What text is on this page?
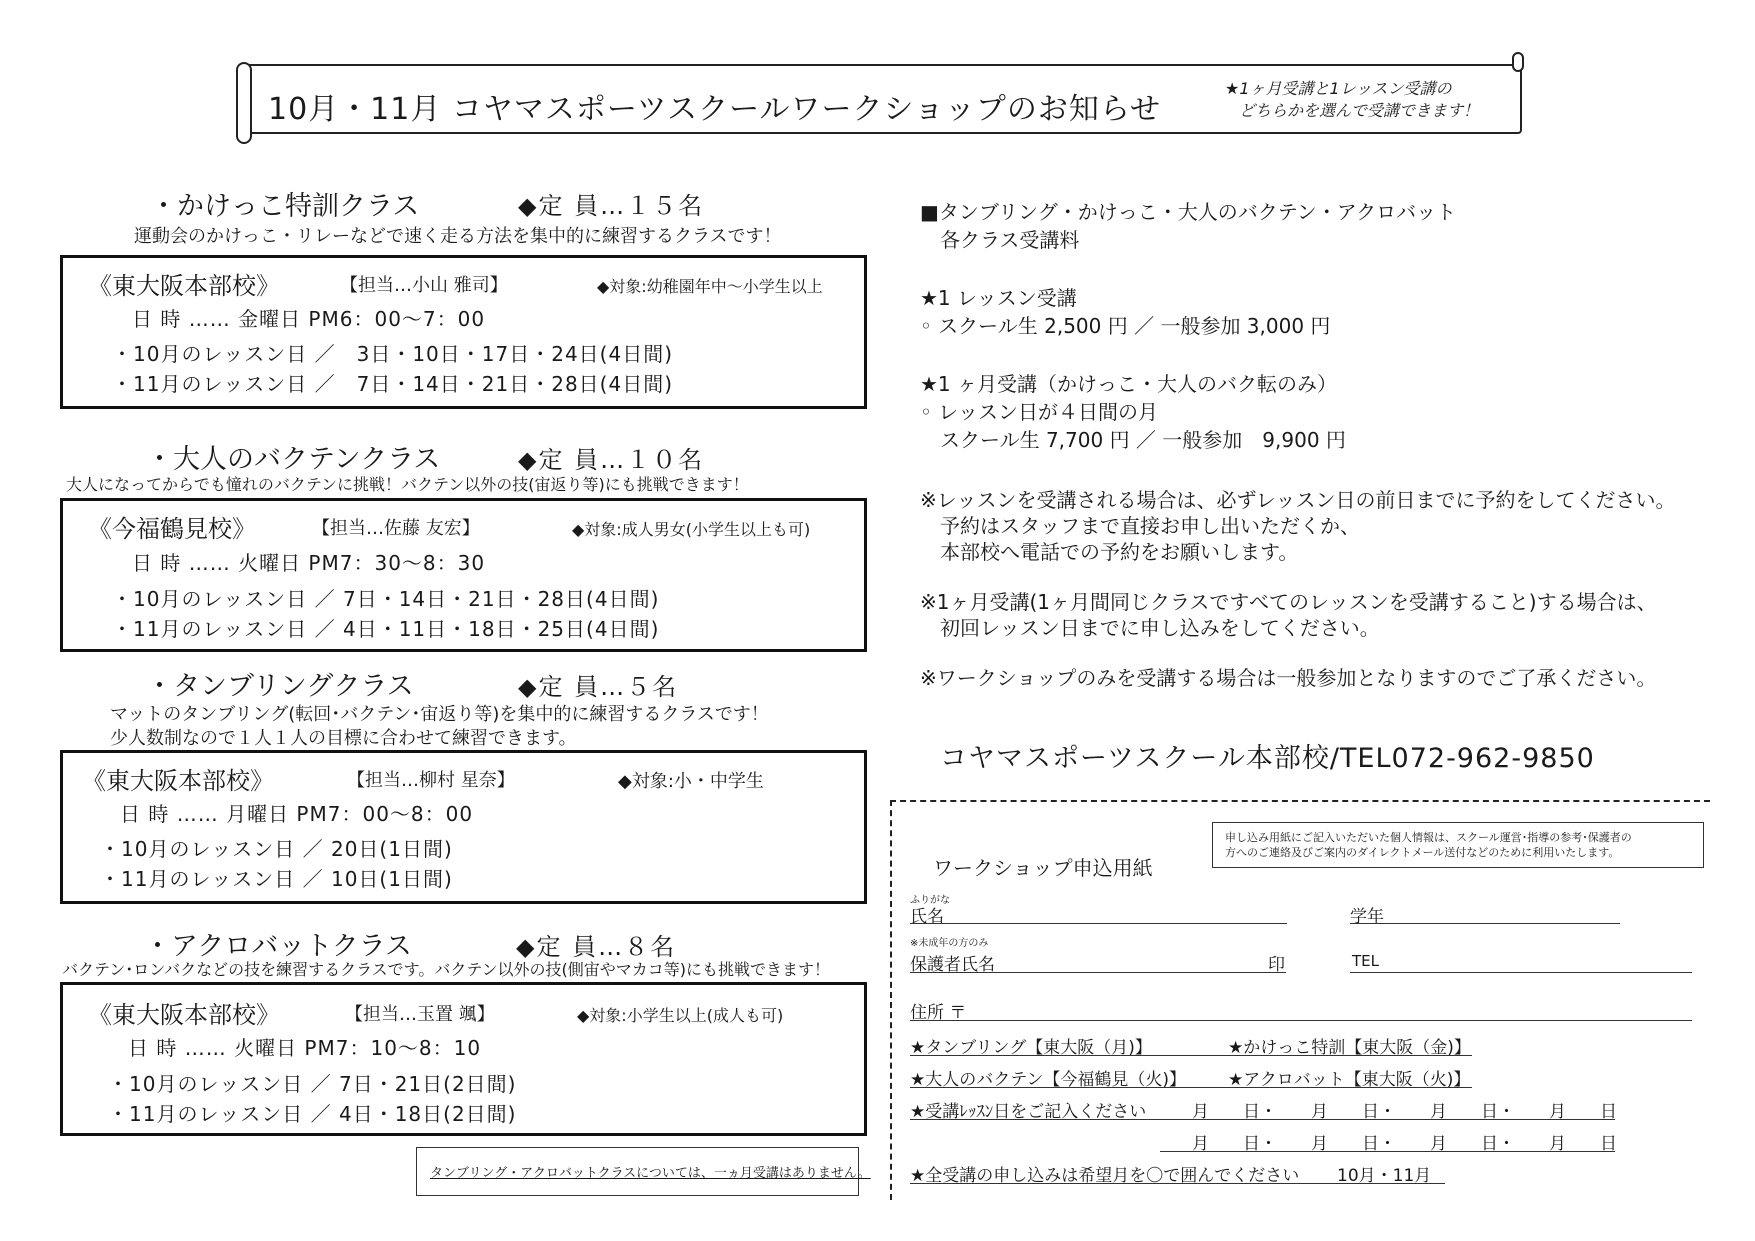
10月・11月 コヤマスポーツスクールワークショップのお知らせ
★1ヶ月受講と1レッスン受講の
どちらかを選んで受講できます！
・かけっこ特訓クラス	◆定 員…１５名
運動会のかけっこ・リレーなどで速く走る方法を集中的に練習するクラスです！
《東大阪本部校》	【担当…小山 雅司】	◆対象:幼稚園年中～小学生以上
日 時 …… 金曜日 PM6：00～7：00
・10月のレッスン日 ／　3日・10日・17日・24日(4日間)
・11月のレッスン日 ／　7日・14日・21日・28日(4日間)
・大人のバクテンクラス	◆定 員…１０名
大人になってからでも憧れのバクテンに挑戦！バクテン以外の技(宙返り等)にも挑戦できます！
《今福鶴見校》	【担当…佐藤 友宏】	◆対象:成人男女(小学生以上も可)
日 時 …… 火曜日 PM7：30～8：30
・10月のレッスン日 ／ 7日・14日・21日・28日(4日間)
・11月のレッスン日 ／ 4日・11日・18日・25日(4日間)
・タンブリングクラス	◆定 員…５名
マットのタンブリング(転回･バクテン･宙返り等)を集中的に練習するクラスです！
少人数制なので１人１人の目標に合わせて練習できます。
《東大阪本部校》	【担当…柳村 星奈】	◆対象:小・中学生
日 時 …… 月曜日 PM7：00～8：00
・10月のレッスン日 ／ 20日(1日間)
・11月のレッスン日 ／ 10日(1日間)
・アクロバットクラス	◆定 員…８名
バクテン･ロンバクなどの技を練習するクラスです。バクテン以外の技(側宙やマカコ等)にも挑戦できます！
《東大阪本部校》	【担当…玉置 颯】	◆対象:小学生以上(成人も可)
日 時 …… 火曜日 PM7：10～8：10
・10月のレッスン日 ／ 7日・21日(2日間)
・11月のレッスン日 ／ 4日・18日(2日間)
タンブリング・アクロバットクラスについては、一ヵ月受講はありません。
■タンブリング・かけっこ・大人のバクテン・アクロバット
各クラス受講料
★1 レッスン受講
◦ スクール生 2,500 円 ／ 一般参加 3,000 円
★1 ヶ月受講（かけっこ・大人のバク転のみ）
◦ レッスン日が４日間の月
スクール生 7,700 円 ／ 一般参加　9,900 円
※レッスンを受講される場合は、必ずレッスン日の前日までに予約をしてください。
予約はスタッフまで直接お申し出いただくか、
本部校へ電話での予約をお願いします。
※1ヶ月受講(1ヶ月間同じクラスですべてのレッスンを受講すること)する場合は、
初回レッスン日までに申し込みをしてください。
※ワークショップのみを受講する場合は一般参加となりますのでご了承ください。
コヤマスポーツスクール本部校/TEL072-962-9850
申し込み用紙にご記入いただいた個人情報は、スクール運営･指導の参考･保護者の
方へのご連絡及びご案内のダイレクトメール送付などのために利用いたします。
ワークショップ申込用紙
ふりがな
氏名	学年
※未成年の方のみ
保護者氏名	印	TEL
住所 〒
★タンブリング【東大阪（月)】	★かけっこ特訓【東大阪（金)】
★大人のバクテン【今福鶴見（火)】 ★アクロバット【東大阪（火)】
★受講ﾚｯｽﾝ日をご記入ください	月　　日・　　月　　日・　　月　　日・　　月　　日
月　　日・　　月　　日・　　月　　日・　　月　　日
★全受講の申し込みは希望月を〇で囲んでください 10月・11月
